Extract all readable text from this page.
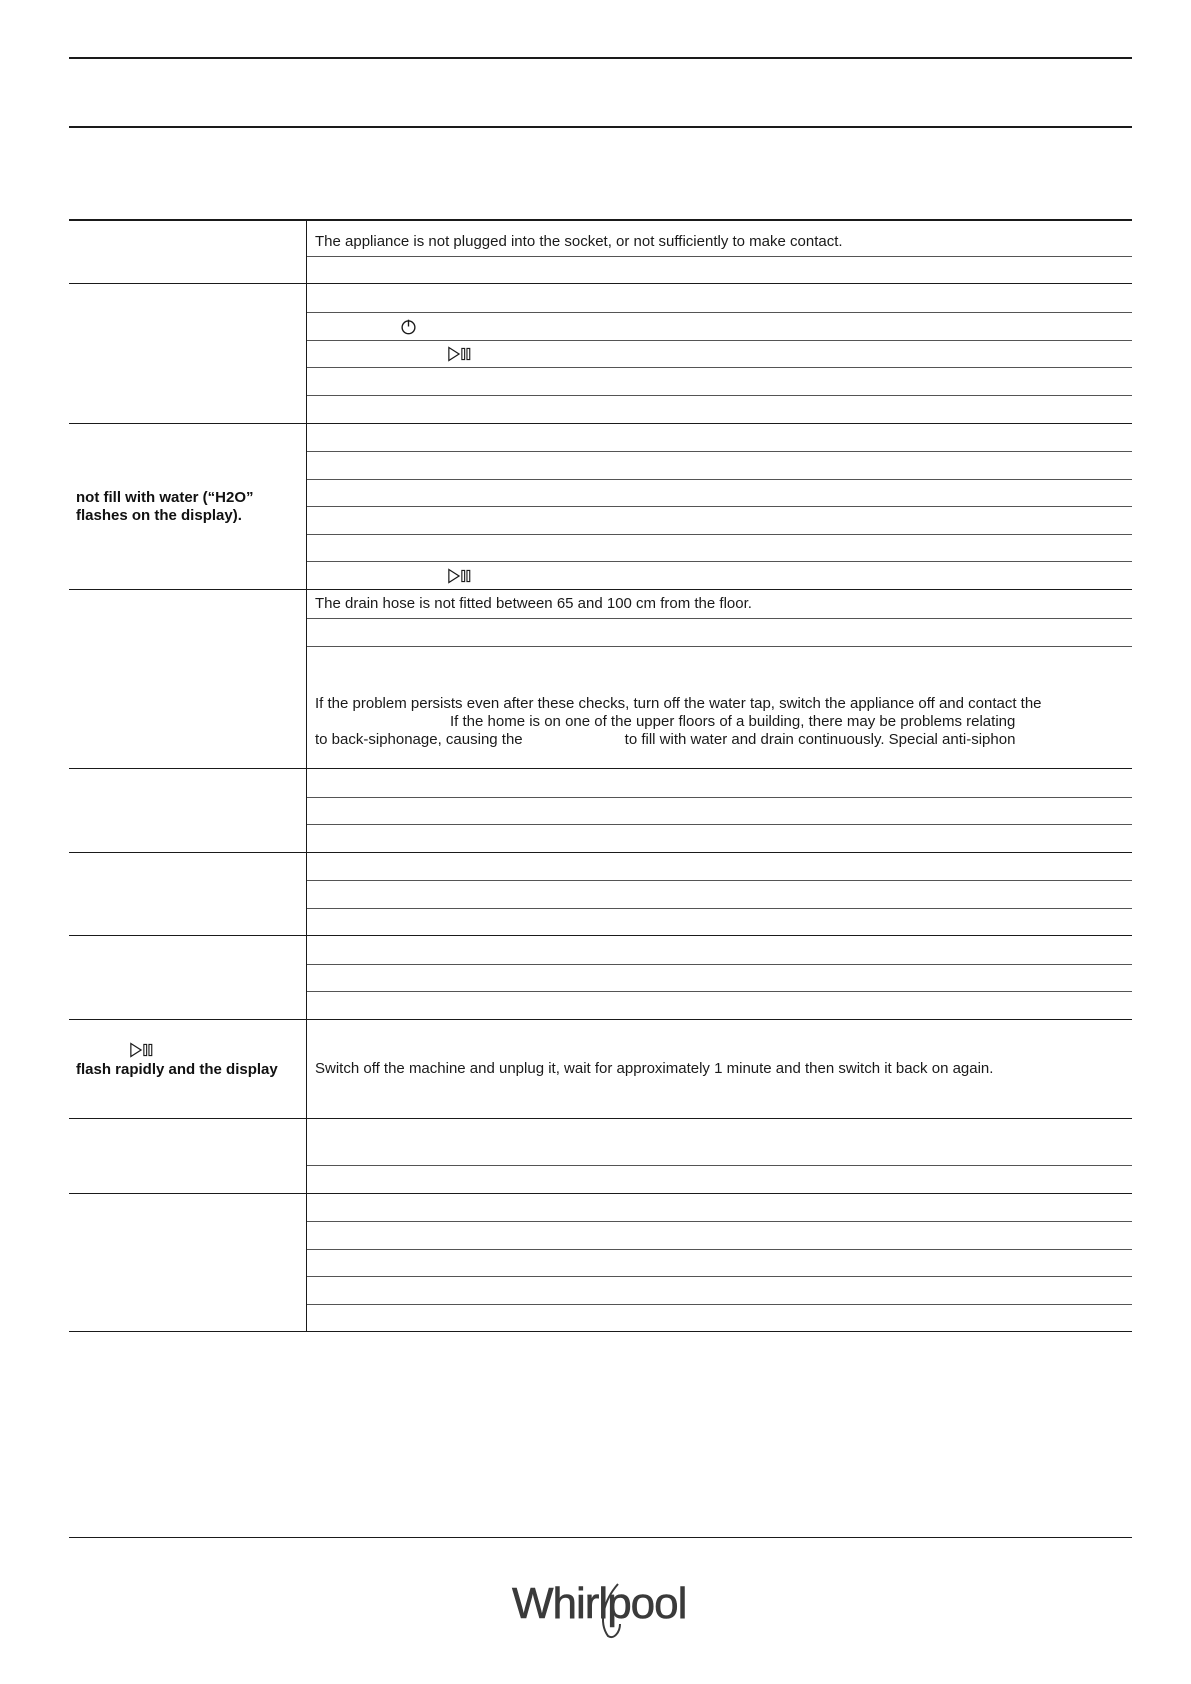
The appliance is not plugged into the socket, or not sufficiently to make contact.
not fill with water (“H2O”
flashes on the display).
The drain hose is not fitted between 65 and 100 cm from the floor.
If the problem persists even after these checks, turn off the water tap, switch the appliance off and contact the
If the home is on one of the upper floors of a building, there may be problems relating
to back-siphonage, causing the	to fill with water and drain continuously. Special anti-siphon
flash rapidly and the display	Switch off the machine and unplug it, wait for approximately 1 minute and then switch it back on again.
Whirlpool
